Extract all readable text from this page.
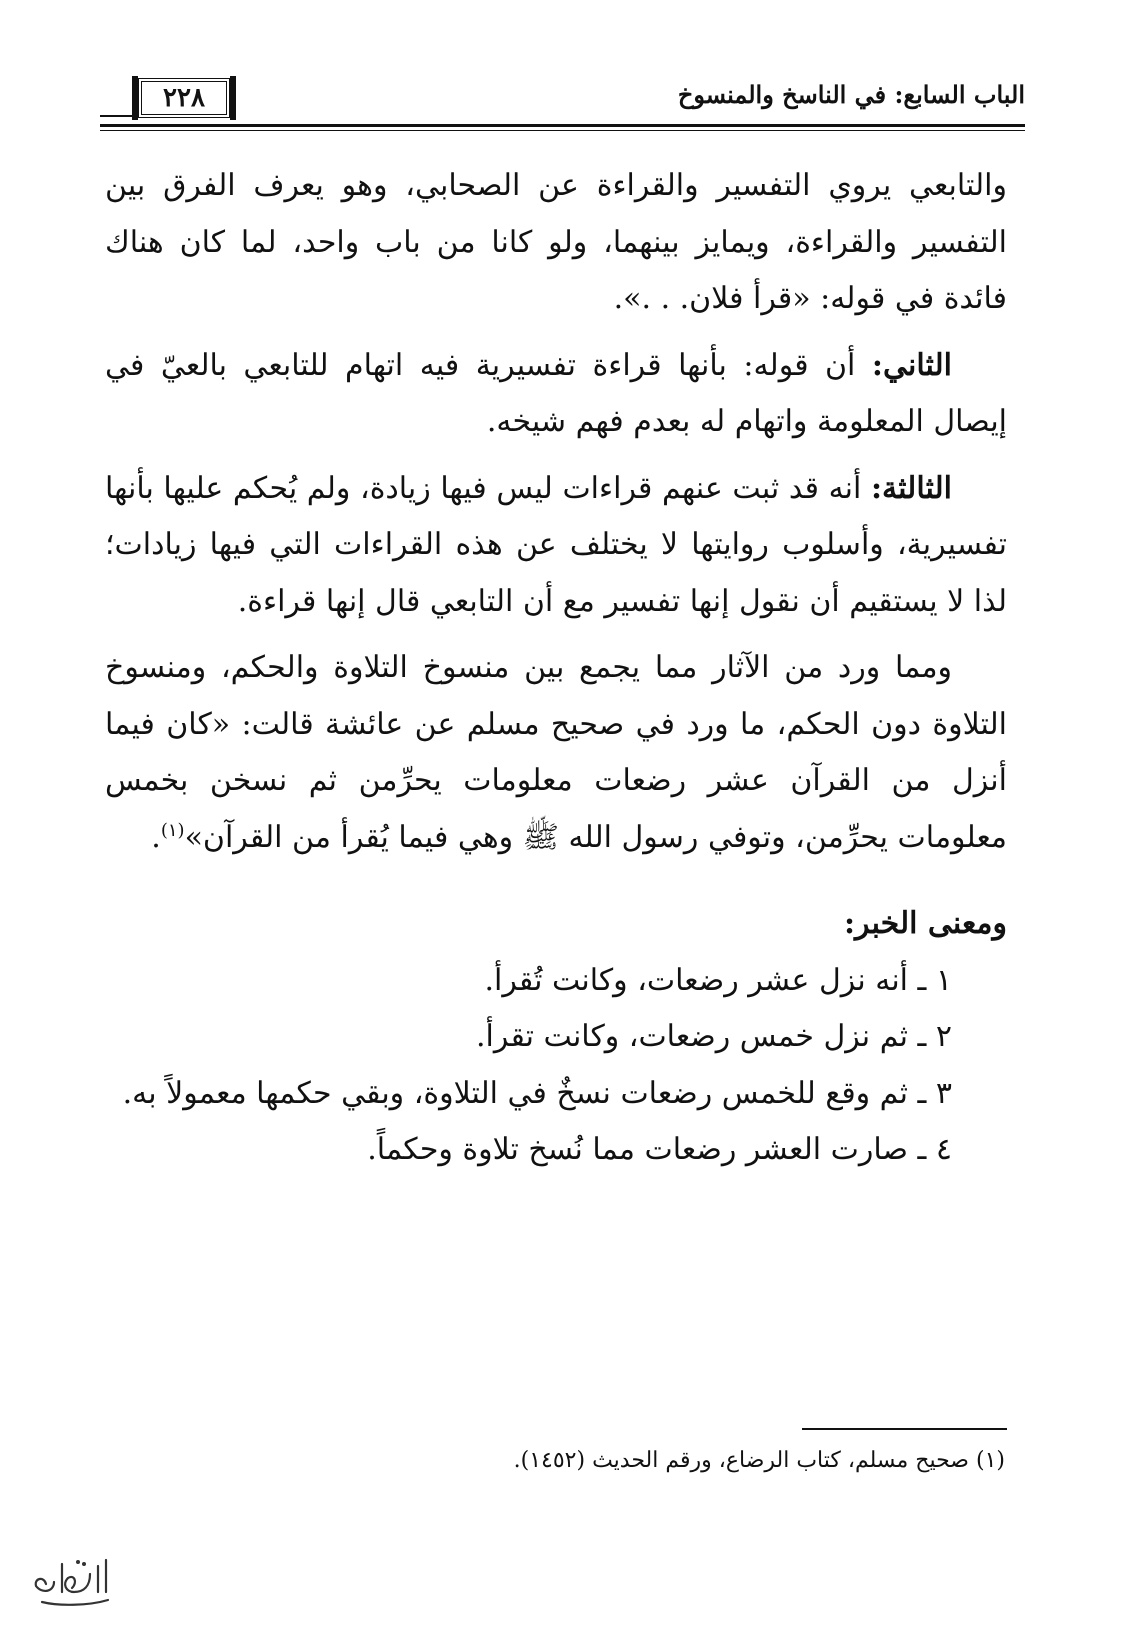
الباب السابع: في الناسخ والمنسوخ
٢٢٨

والتابعي يروي التفسير والقراءة عن الصحابي، وهو يعرف الفرق بين التفسير والقراءة، ويمايز بينهما، ولو كانا من باب واحد، لما كان هناك فائدة في قوله: «قرأ فلان. . .».

الثاني: أن قوله: بأنها قراءة تفسيرية فيه اتهام للتابعي بالعيّ في إيصال المعلومة واتهام له بعدم فهم شيخه.

الثالثة: أنه قد ثبت عنهم قراءات ليس فيها زيادة، ولم يُحكم عليها بأنها تفسيرية، وأسلوب روايتها لا يختلف عن هذه القراءات التي فيها زيادات؛ لذا لا يستقيم أن نقول إنها تفسير مع أن التابعي قال إنها قراءة.

ومما ورد من الآثار مما يجمع بين منسوخ التلاوة والحكم، ومنسوخ التلاوة دون الحكم، ما ورد في صحيح مسلم عن عائشة قالت: «كان فيما أنزل من القرآن عشر رضعات معلومات يحرِّمن ثم نسخن بخمس معلومات يحرِّمن، وتوفي رسول الله ﷺ وهي فيما يُقرأ من القرآن»$^{(١)}$.

ومعنى الخبر:

١ ـ أنه نزل عشر رضعات، وكانت تُقرأ.

٢ ـ ثم نزل خمس رضعات، وكانت تقرأ.

٣ ـ ثم وقع للخمس رضعات نسخٌ في التلاوة، وبقي حكمها معمولاً به.

٤ ـ صارت العشر رضعات مما نُسخ تلاوة وحكماً.

(١) صحيح مسلم، كتاب الرضاع، ورقم الحديث (١٤٥٢).
